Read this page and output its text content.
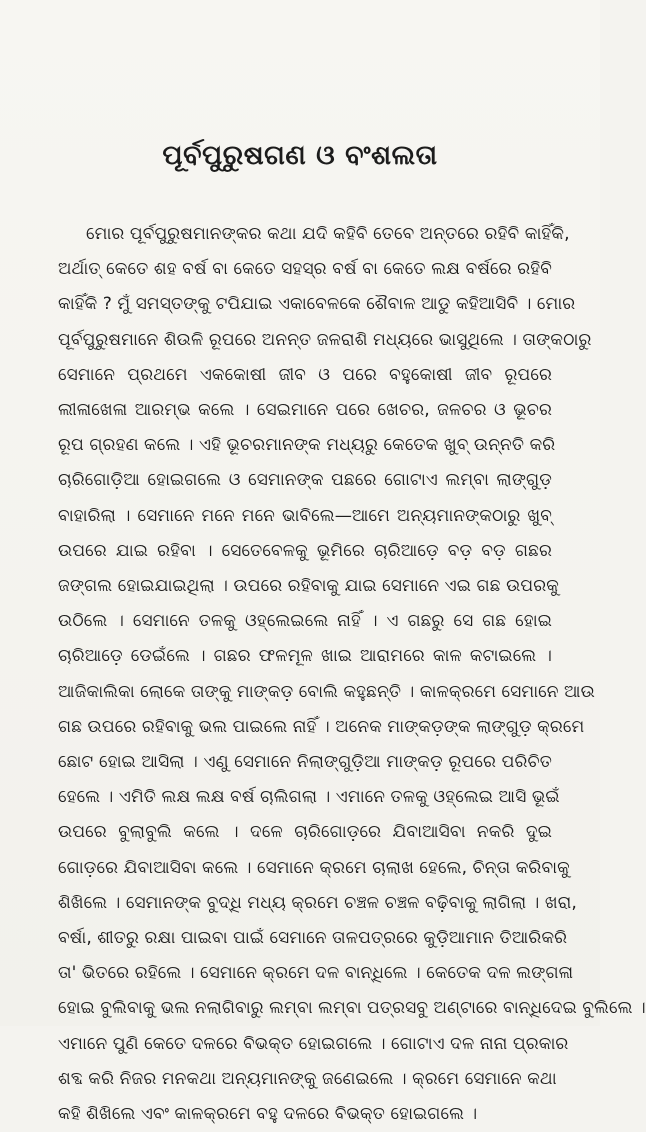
ପୂର୍ବପୁରୁଷଗଣ ଓ ବଂଶଲତା
ମୋର ପୂର୍ବପୁରୁଷମାନଙ୍କର କଥା ଯଦି କହିବି ତେବେ ଅନ୍ତରେ ରହିବି କାହିଁକି,
ଅର୍ଥାତ୍ କେତେ ଶହ ବର୍ଷ ବା କେତେ ସହସ୍ର ବର୍ଷ ବା କେତେ ଲକ୍ଷ ବର୍ଷରେ ରହିବି
କାହିଁକି ? ମୁଁ ସମସ୍ତଙ୍କୁ ଟପିଯାଇ ଏକାବେଳକେ ଶୈବାଳ ଆଡୁ କହିଆସିବି । ମୋର
ପୂର୍ବପୁରୁଷମାନେ ଶିଉଳି ରୂପରେ ଅନନ୍ତ ଜଳରାଶି ମଧ୍ୟରେ ଭାସୁଥିଲେ । ତାଙ୍କଠାରୁ
ସେମାନେ ପ୍ରଥମେ ଏକକୋଷୀ ଜୀବ ଓ ପରେ ବହୁକୋଷୀ ଜୀବ ରୂପରେ
ଲୀଳାଖେଳା ଆରମ୍ଭ କଲେ । ସେଇମାନେ ପରେ ଖେଚର, ଜଳଚର ଓ ଭୂଚର
ରୂପ ଗ୍ରହଣ କଲେ । ଏହି ଭୂଚରମାନଙ୍କ ମଧ୍ୟରୁ କେତେକ ଖୁବ୍ ଉନ୍ନତି କରି
ଚାରିଗୋଡ଼ିଆ ହୋଇଗଲେ ଓ ସେମାନଙ୍କ ପଛରେ ଗୋଟାଏ ଲମ୍ବା ଲାଙ୍ଗୁଡ଼
ବାହାରିଲା । ସେମାନେ ମନେ ମନେ ଭାବିଲେ—ଆମେ ଅନ୍ୟମାନଙ୍କଠାରୁ ଖୁବ୍
ଉପରେ ଯାଇ ରହିବା । ସେତେବେଳକୁ ଭୂମିରେ ଚାରିଆଡ଼େ ବଡ଼ ବଡ଼ ଗଛର
ଜଙ୍ଗଲ ହୋଇଯାଇଥିଲା । ଉପରେ ରହିବାକୁ ଯାଇ ସେମାନେ ଏଇ ଗଛ ଉପରକୁ
ଉଠିଲେ । ସେମାନେ ତଳକୁ ଓହ୍ଲେଇଲେ ନାହିଁ । ଏ ଗଛରୁ ସେ ଗଛ ହୋଇ
ଚାରିଆଡ଼େ ଡେଇଁଲେ । ଗଛର ଫଳମୂଳ ଖାଇ ଆରାମରେ କାଳ କଟାଇଲେ ।
ଆଜିକାଲିକା ଲୋକେ ତାଙ୍କୁ ମାଙ୍କଡ଼ ବୋଲି କହୁଛନ୍ତି । କାଳକ୍ରମେ ସେମାନେ ଆଉ
ଗଛ ଉପରେ ରହିବାକୁ ଭଲ ପାଇଲେ ନାହିଁ । ଅନେକ ମାଙ୍କଡ଼ଙ୍କ ଲାଙ୍ଗୁଡ଼ କ୍ରମେ
ଛୋଟ ହୋଇ ଆସିଲା । ଏଣୁ ସେମାନେ ନିଲାଙ୍ଗୁଡ଼ିଆ ମାଙ୍କଡ଼ ରୂପରେ ପରିଚିତ
ହେଲେ । ଏମିତି ଲକ୍ଷ ଲକ୍ଷ ବର୍ଷ ଚାଲିଗଲା । ଏମାନେ ତଳକୁ ଓହ୍ଲେଇ ଆସି ଭୂଇଁ
ଉପରେ ବୁଲାବୁଲି କଲେ । ଦଳେ ଚାରିଗୋଡ଼ରେ ଯିବାଆସିବା ନକରି ଦୁଇ
ଗୋଡ଼ରେ ଯିବାଆସିବା କଲେ । ସେମାନେ କ୍ରମେ ଚାଲାଖ ହେଲେ, ଚିନ୍ତା କରିବାକୁ
ଶିଖିଲେ । ସେମାନଙ୍କ ବୁଦ୍ଧି ମଧ୍ୟ କ୍ରମେ ଚଞ୍ଚଳ ଚଞ୍ଚଳ ବଢ଼ିବାକୁ ଲାଗିଲା । ଖରା,
ବର୍ଷା, ଶୀତରୁ ରକ୍ଷା ପାଇବା ପାଇଁ ସେମାନେ ତାଳପତ୍ରରେ କୁଡ଼ିଆମାନ ତିଆରିକରି
ତା' ଭିତରେ ରହିଲେ । ସେମାନେ କ୍ରମେ ଦଳ ବାନ୍ଧିଲେ । କେତେକ ଦଳ ଲଙ୍ଗଳା
ହୋଇ ବୁଲିବାକୁ ଭଲ ନଲାଗିବାରୁ ଲମ୍ବା ଲମ୍ବା ପତ୍ରସବୁ ଅଣ୍ଟାରେ ବାନ୍ଧିଦେଇ ବୁଲିଲେ ।
ଏମାନେ ପୁଣି କେତେ ଦଳରେ ବିଭକ୍ତ ହୋଇଗଲେ । ଗୋଟାଏ ଦଳ ନାନା ପ୍ରକାର
ଶବ୍ଦ କରି ନିଜର ମନକଥା ଅନ୍ୟମାନଙ୍କୁ ଜଣେଇଲେ । କ୍ରମେ ସେମାନେ କଥା
କହି ଶିଖିଲେ ଏବଂ କାଳକ୍ରମେ ବହୁ ଦଳରେ ବିଭକ୍ତ ହୋଇଗଲେ ।
